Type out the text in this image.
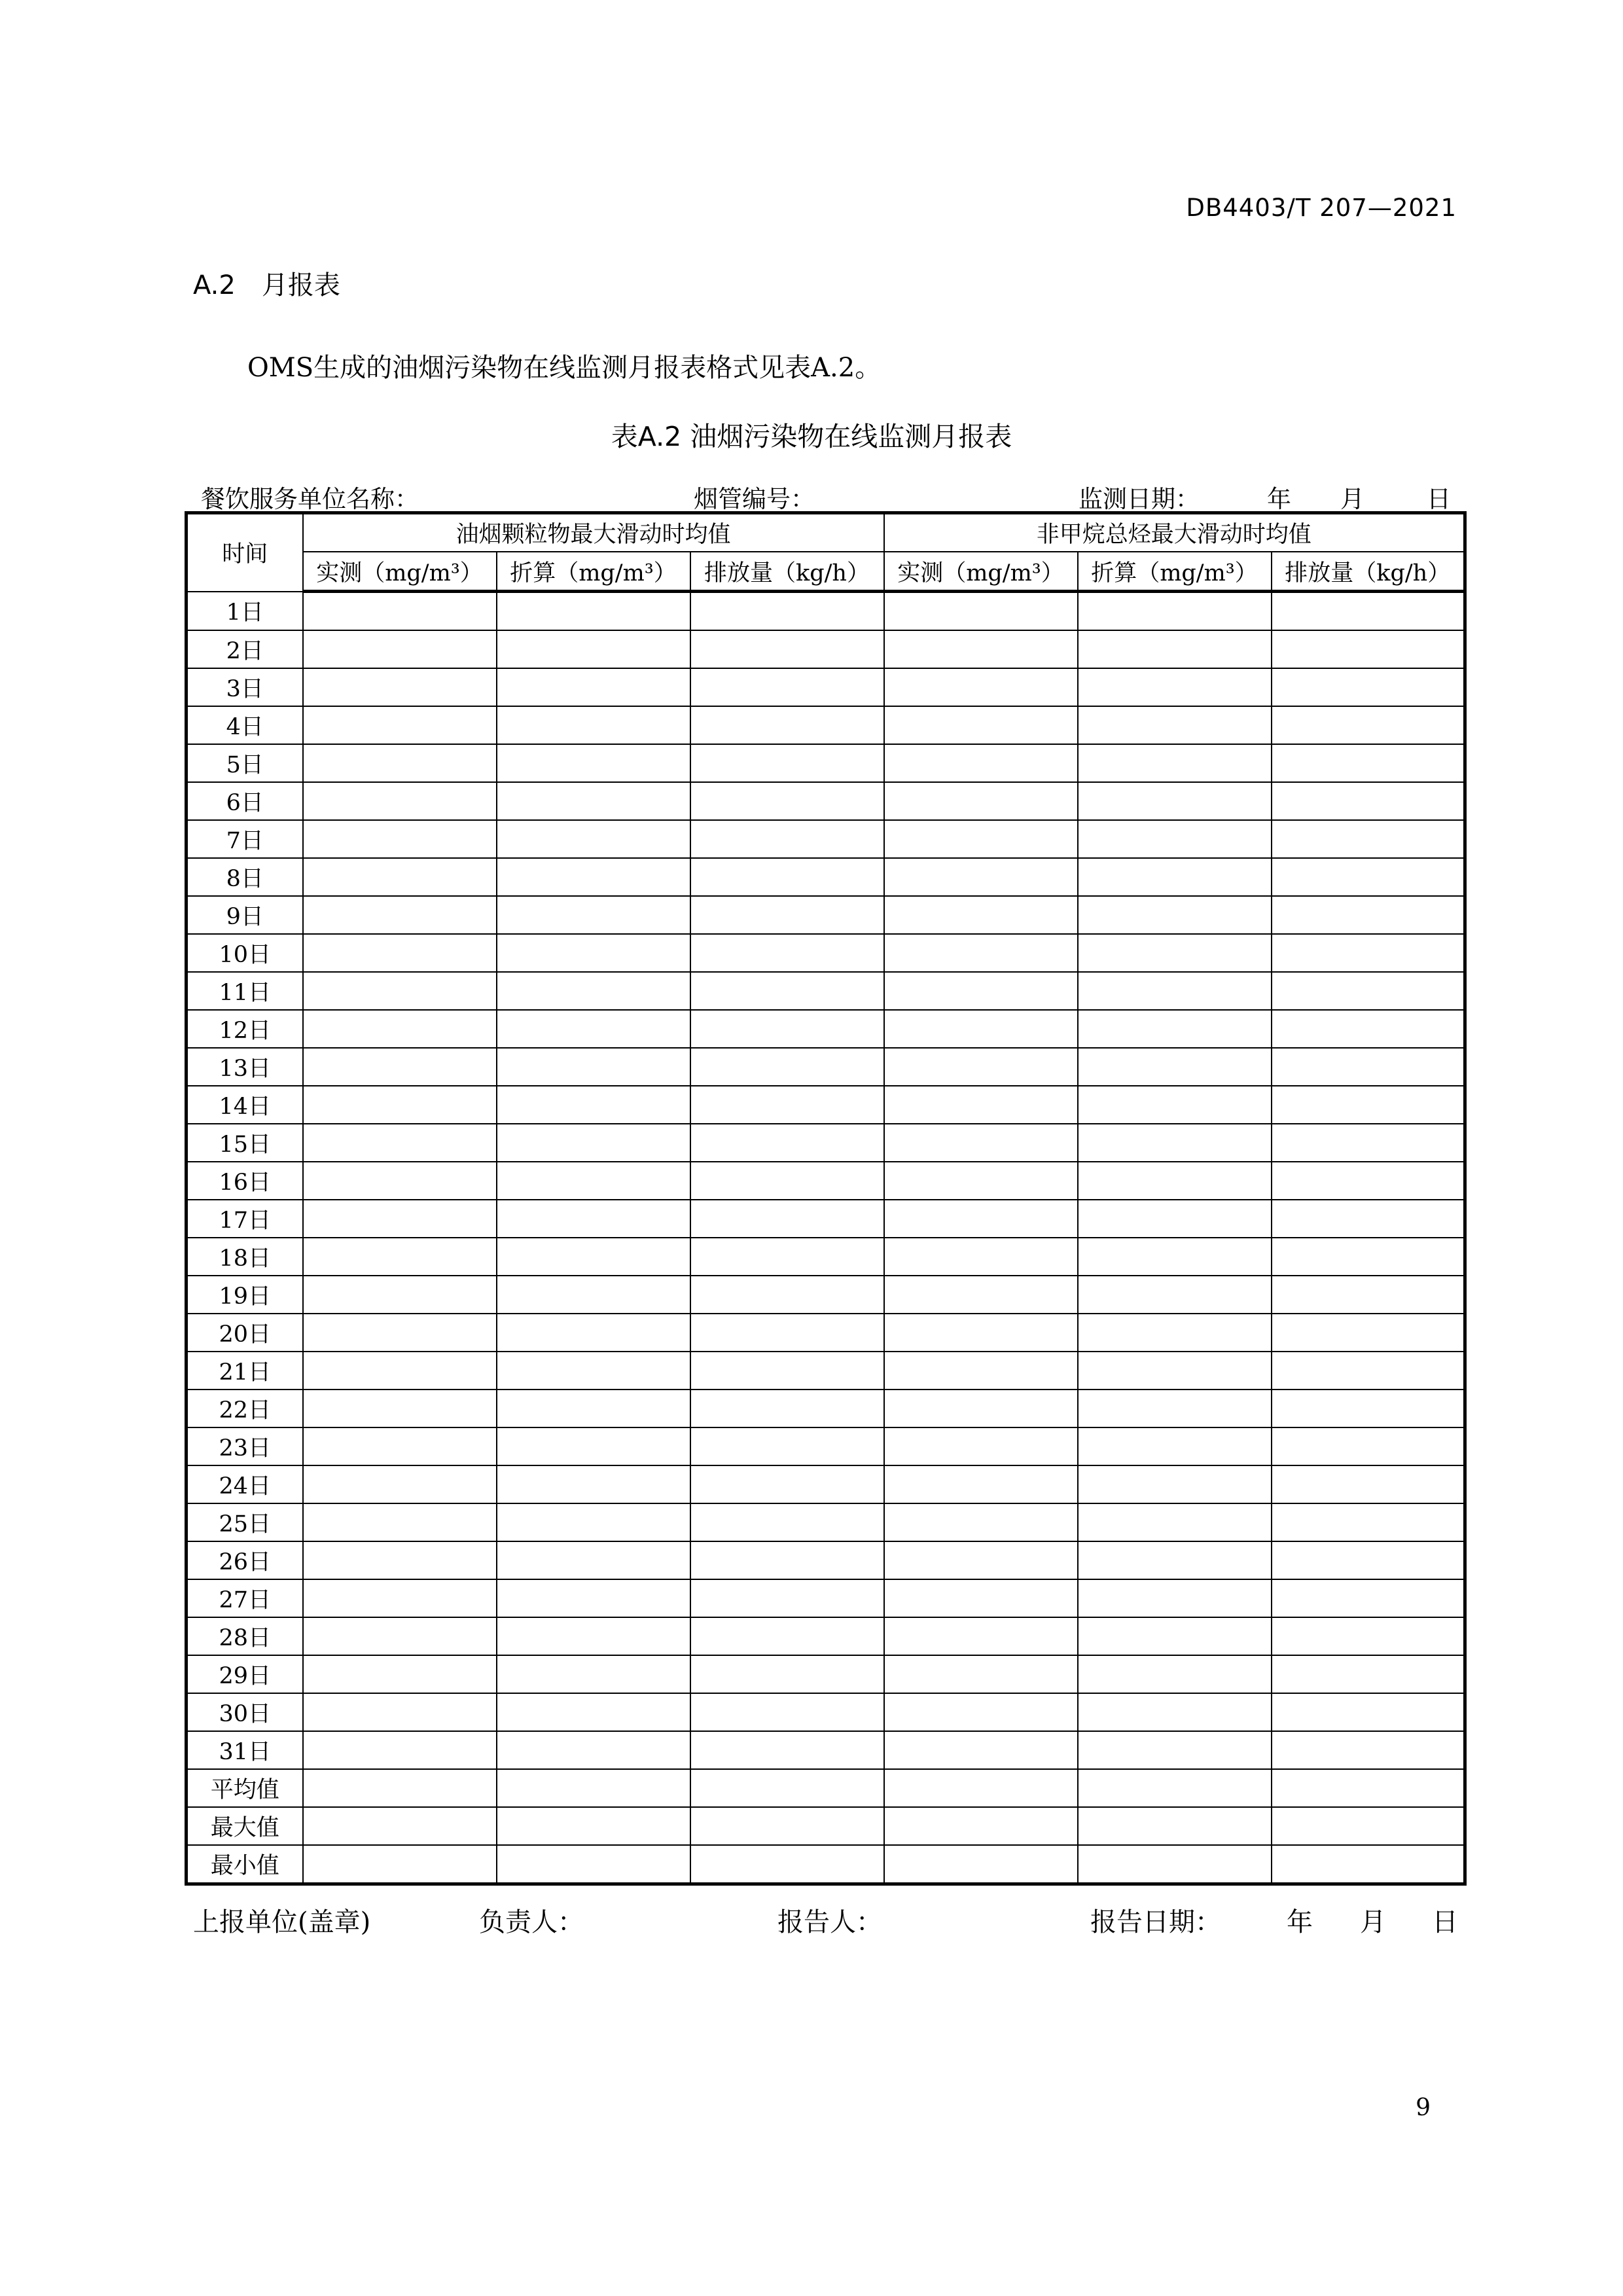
DB4403/T 207—2021
A.2 月报表
OMS生成的油烟污染物在线监测月报表格式见表A.2。
表A.2 油烟污染物在线监测月报表
餐饮服务单位名称：	烟管编号：	监测日期：	年 月	日
时间	油烟颗粒物最大滑动时均值			非甲烷总烃最大滑动时均值		
	实测（mg/m³）	折算（mg/m³）	排放量（kg/h）	实测（mg/m³）	折算（mg/m³）	排放量（kg/h）
1日						
2日						
3日						
4日						
5日						
6日						
7日						
8日						
9日						
10日						
11日						
12日						
13日						
14日						
15日						
16日						
17日						
18日						
19日						
20日						
21日						
22日						
23日						
24日						
25日						
26日						
27日						
28日						
29日						
30日						
31日						
平均值						
最大值						
最小值						
上报单位(盖章)	负责人：	报告人：	报告日期：	年 月 日
9
